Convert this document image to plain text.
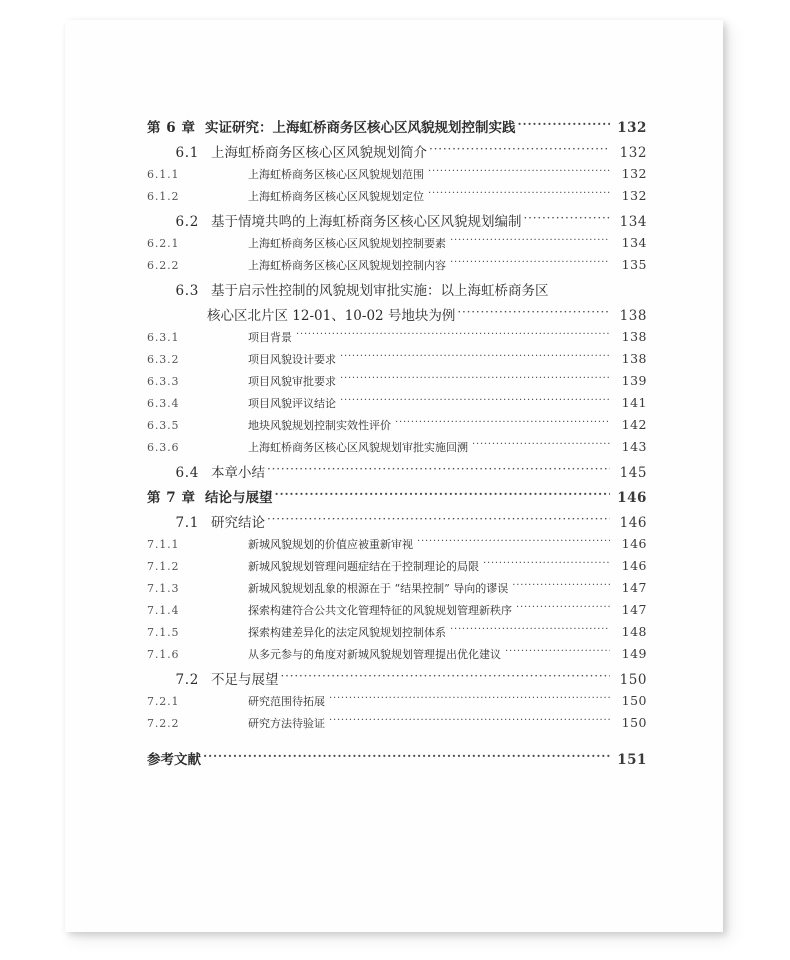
第 6 章 实证研究：上海虹桥商务区核心区风貌规划控制实践 ·····	132
6.1 上海虹桥商务区核心区风貌规划简介 ·····	132
6.1.1	上海虹桥商务区核心区风貌规划范围 ·····	132
6.1.2	上海虹桥商务区核心区风貌规划定位 ·····	132
6.2 基于情境共鸣的上海虹桥商务区核心区风貌规划编制 ·····	134
6.2.1	上海虹桥商务区核心区风貌规划控制要素 ·····	134
6.2.2	上海虹桥商务区核心区风貌规划控制内容 ·····	135
6.3 基于启示性控制的风貌规划审批实施：以上海虹桥商务区
核心区北片区 12-01、10-02 号地块为例 ·····	138
6.3.1	项目背景 ·····	138
6.3.2	项目风貌设计要求 ·····	138
6.3.3	项目风貌审批要求 ·····	139
6.3.4	项目风貌评议结论 ·····	141
6.3.5	地块风貌规划控制实效性评价 ·····	142
6.3.6	上海虹桥商务区核心区风貌规划审批实施回溯 ·····	143
6.4 本章小结 ·····	145
第 7 章 结论与展望 ·····	146
7.1 研究结论 ·····	146
7.1.1	新城风貌规划的价值应被重新审视 ·····	146
7.1.2	新城风貌规划管理问题症结在于控制理论的局限 ·····	146
7.1.3	新城风貌规划乱象的根源在于 “结果控制” 导向的谬误 ·····	147
7.1.4	探索构建符合公共文化管理特征的风貌规划管理新秩序 ·····	147
7.1.5	探索构建差异化的法定风貌规划控制体系 ·····	148
7.1.6	从多元参与的角度对新城风貌规划管理提出优化建议 ·····	149
7.2 不足与展望 ·····	150
7.2.1	研究范围待拓展 ·····	150
7.2.2	研究方法待验证 ·····	150
参考文献 ·····	151
